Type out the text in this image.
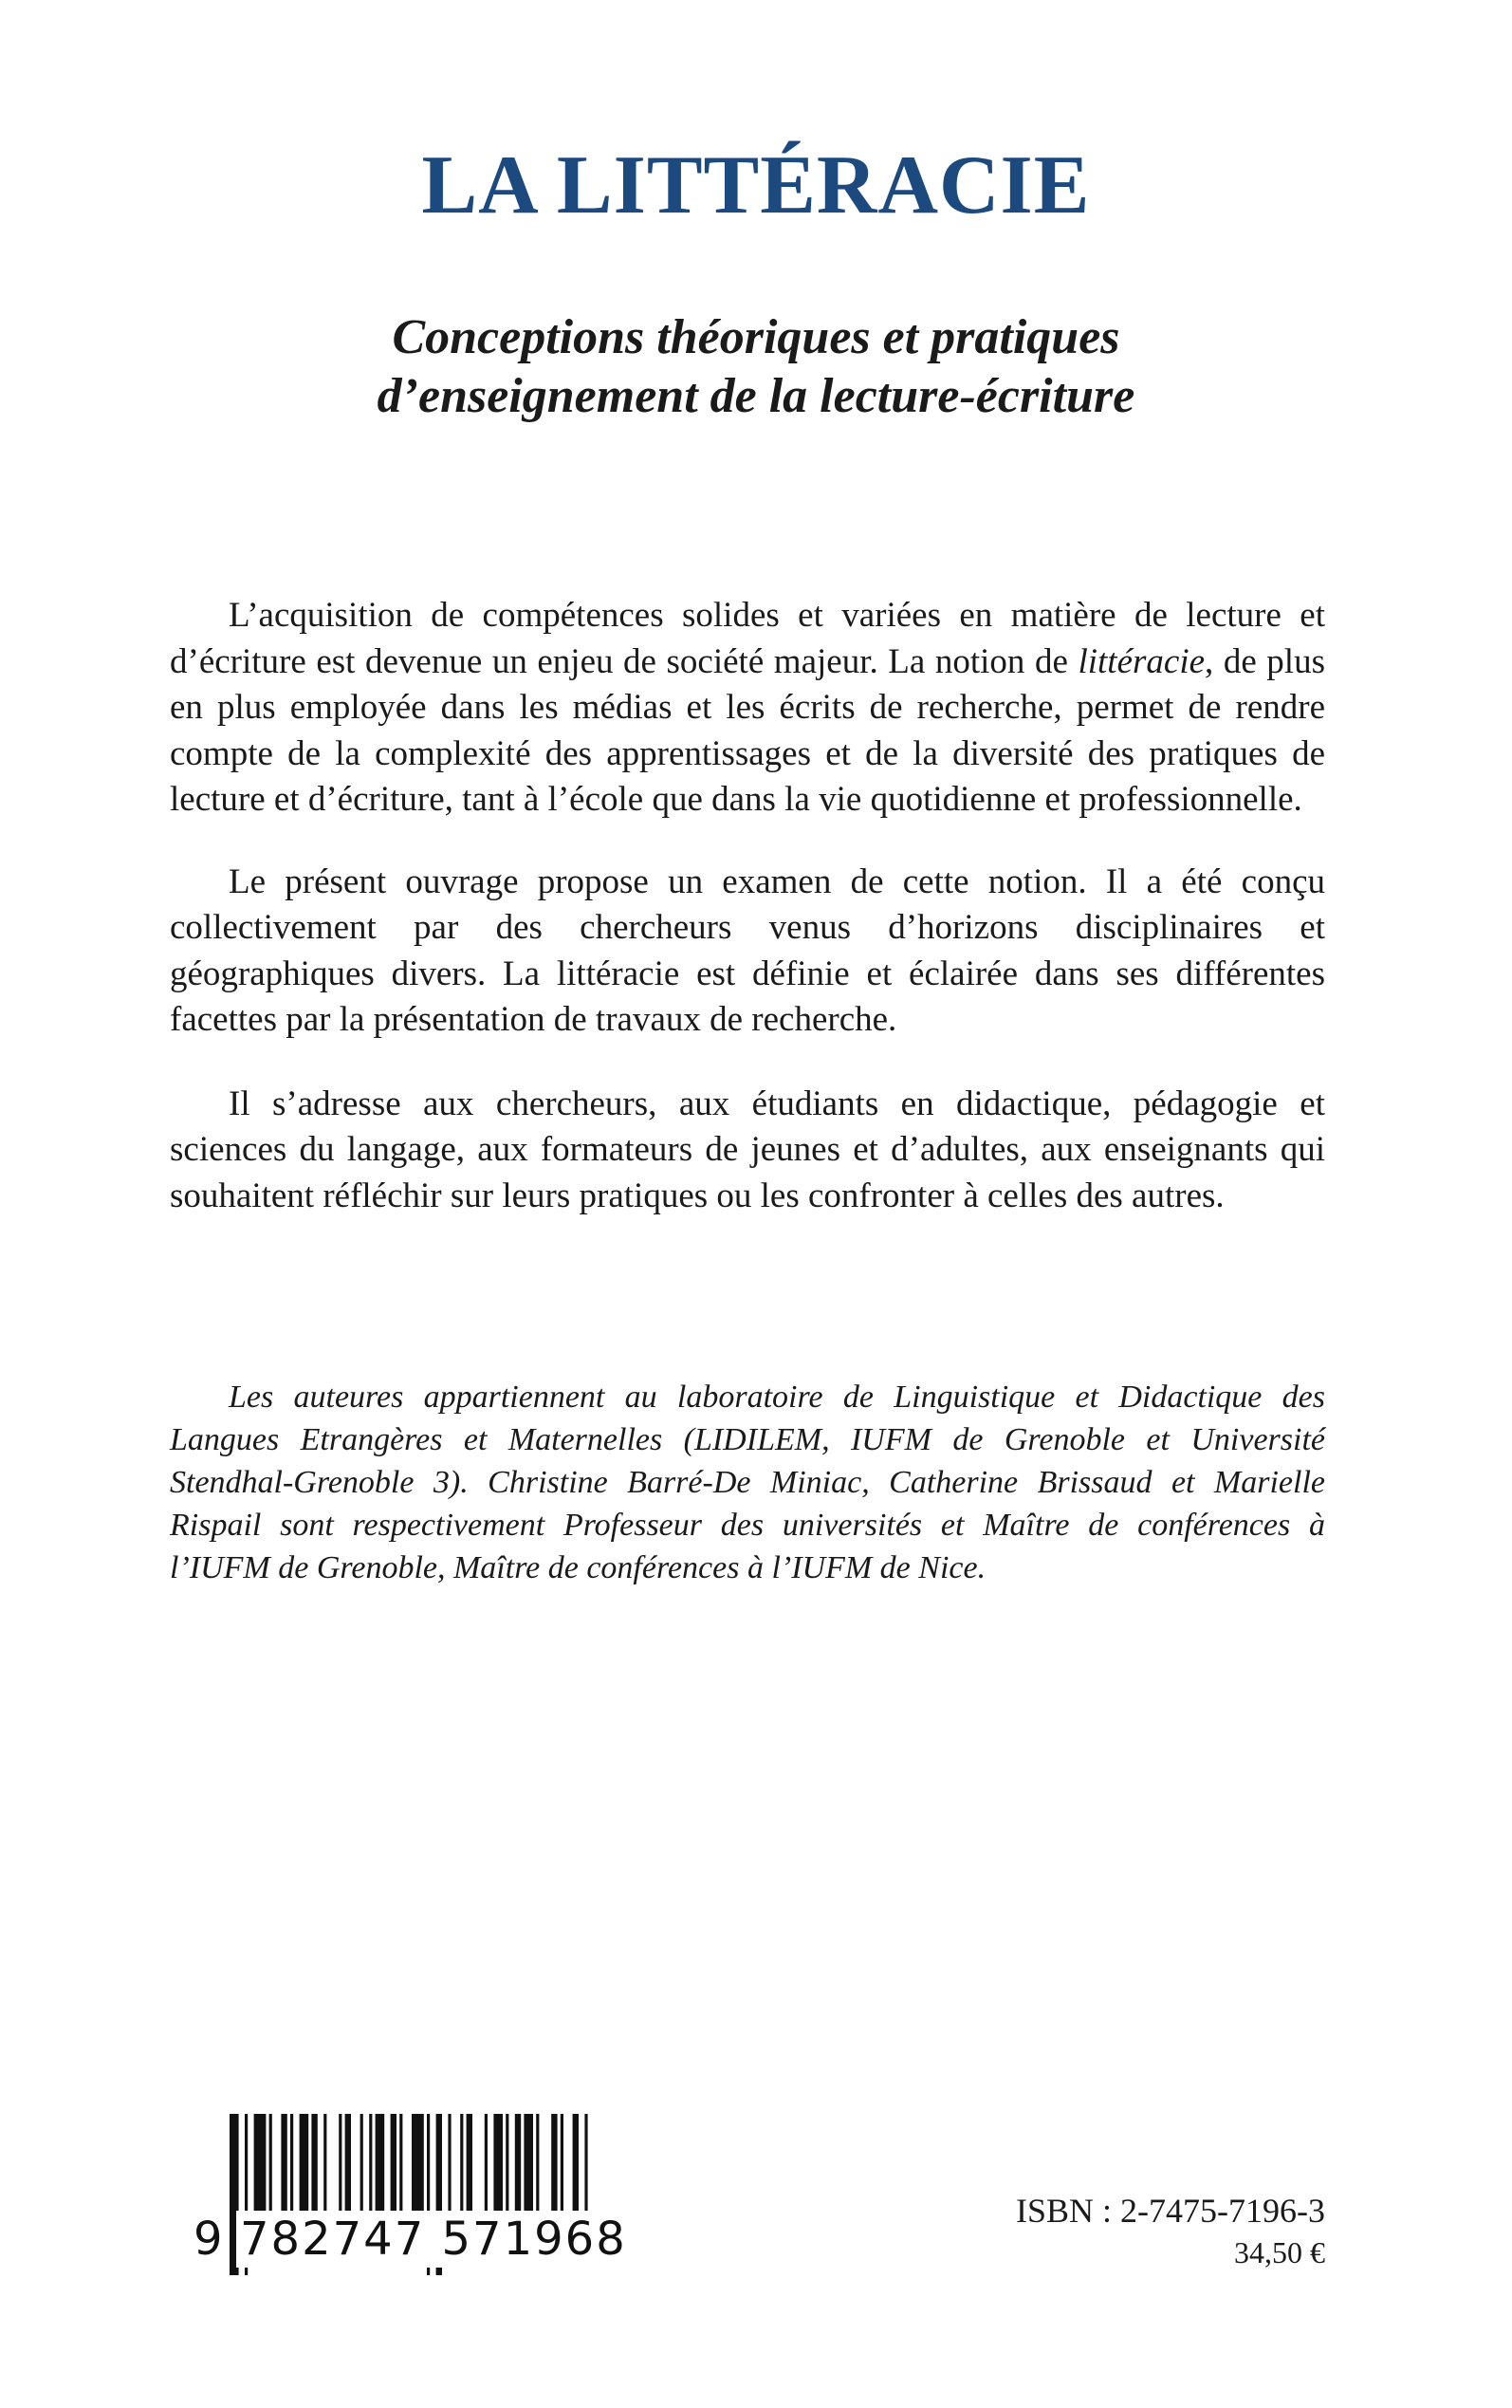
LA LITTÉRACIE
Conceptions théoriques et pratiques
d’enseignement de la lecture-écriture

L’acquisition de compétences solides et variées en matière de lecture et d’écriture est devenue un enjeu de société majeur. La notion de littéracie, de plus en plus employée dans les médias et les écrits de recherche, permet de rendre compte de la complexité des apprentissages et de la diversité des pratiques de lecture et d’écriture, tant à l’école que dans la vie quotidienne et professionnelle.

Le présent ouvrage propose un examen de cette notion. Il a été conçu collectivement par des chercheurs venus d’horizons disciplinaires et géographiques divers. La littéracie est définie et éclairée dans ses différentes facettes par la présentation de travaux de recherche.

Il s’adresse aux chercheurs, aux étudiants en didactique, pédagogie et sciences du langage, aux formateurs de jeunes et d’adultes, aux enseignants qui souhaitent réfléchir sur leurs pratiques ou les confronter à celles des autres.

Les auteures appartiennent au laboratoire de Linguistique et Didactique des Langues Etrangères et Maternelles (LIDILEM, IUFM de Grenoble et Université Stendhal-Grenoble 3). Christine Barré-De Miniac, Catherine Brissaud et Marielle Rispail sont respectivement Professeur des universités et Maître de conférences à l’IUFM de Grenoble, Maître de conférences à l’IUFM de Nice.

9 782747 571968

ISBN : 2-7475-7196-3

34,50 €
